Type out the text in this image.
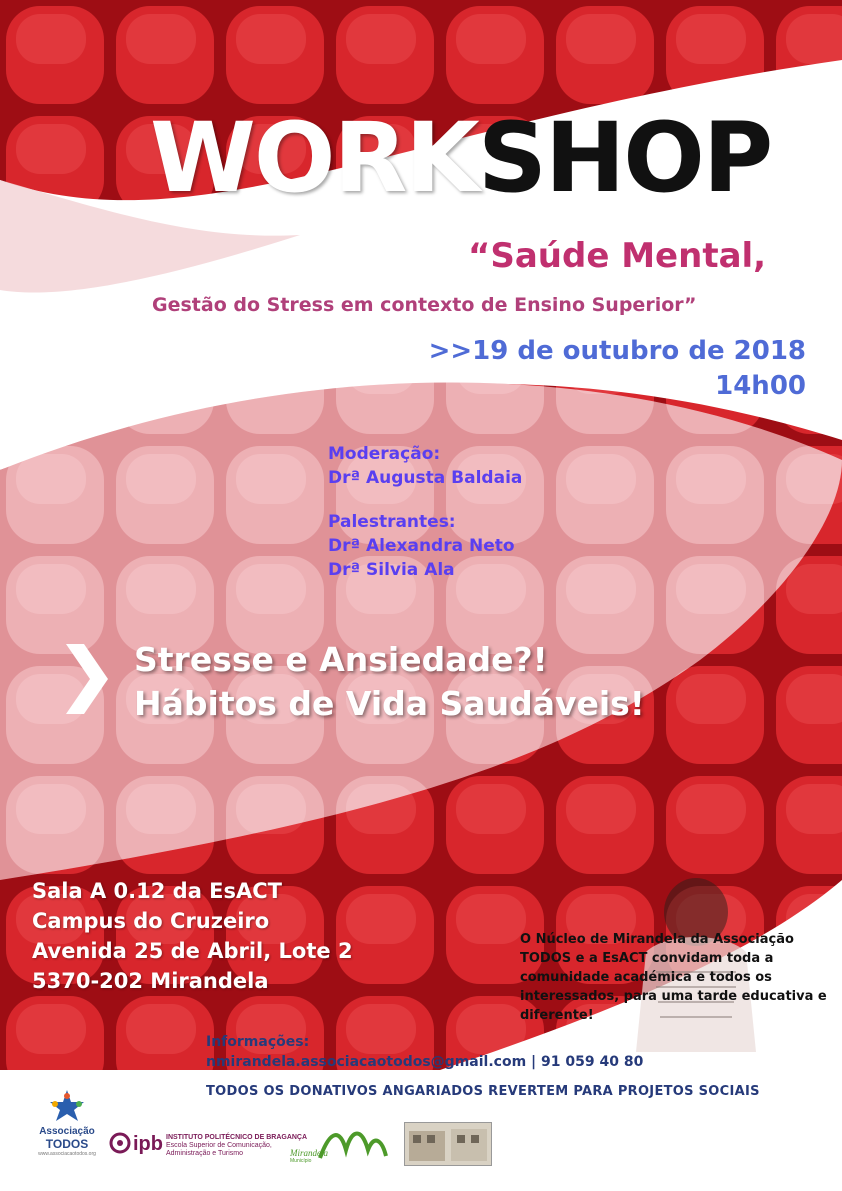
WORKSHOP
“Saúde Mental,
Gestão do Stress em contexto de Ensino Superior”
>>19 de outubro de 2018
14h00
Moderação:
Drª Augusta Baldaia
Palestrantes:
Drª Alexandra Neto
Drª Silvia Ala
Stresse e Ansiedade?!
Hábitos de Vida Saudáveis!
Sala A 0.12 da EsACT
Campus do Cruzeiro
Avenida 25 de Abril, Lote 2
5370-202 Mirandela
O Núcleo de Mirandela da Associação TODOS e a EsACT convidam toda a comunidade académica e todos os interessados, para uma tarde educativa e diferente!
Informações:
nmirandela.associacaotodos@gmail.com | 91 059 40 80
TODOS OS DONATIVOS ANGARIADOS REVERTEM PARA PROJETOS SOCIAIS
Associação
TODOS
www.associacaotodos.org ipb INSTITUTO POLITÉCNICO DE BRAGANÇA
Escola Superior de Comunicação,
Administração e Turismo	Mirandela
Município
